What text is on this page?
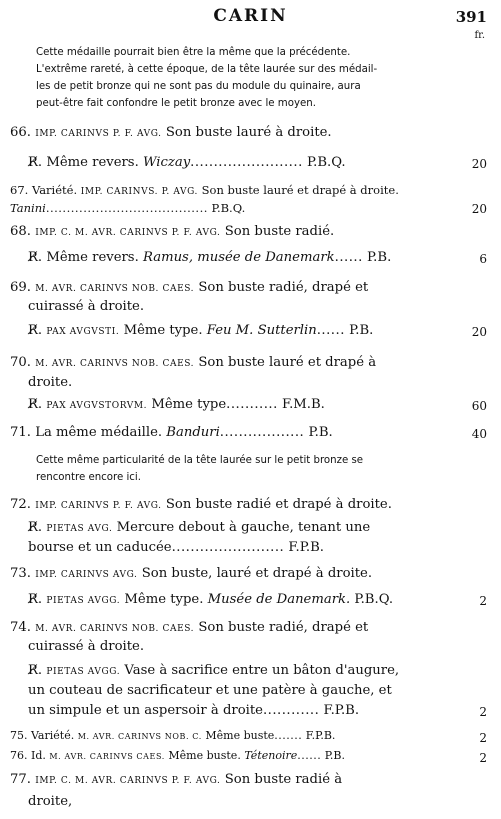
CARIN	391
fr.
Cette médaille pourrait bien être la même que la précédente.
L'extrême rareté, à cette époque, de la tête laurée sur des médail-
les de petit bronze qui ne sont pas du module du quinaire, aura
peut-être fait confondre le petit bronze avec le moyen.
66. IMP. CARINVS P. F. AVG. Son buste lauré à droite.
R̸. Même revers. Wiczay........................ P.B.Q.	20
67. Variété. IMP. CARINVS. P. AVG. Son buste lauré et drapé à droite.
Tanini....................................... P.B.Q.	20
68. IMP. C. M. AVR. CARINVS P. F. AVG. Son buste radié.
R̸. Même revers. Ramus, musée de Danemark...... P.B.	6
69. M. AVR. CARINVS NOB. CAES. Son buste radié, drapé et
cuirassé à droite.
R̸. PAX AVGVSTI. Même type. Feu M. Sutterlin...... P.B.	20
70. M. AVR. CARINVS NOB. CAES. Son buste lauré et drapé à
droite.
R̸. PAX AVGVSTORVM. Même type........... F.M.B.	60
71. La même médaille. Banduri.................. P.B.	40
Cette même particularité de la tête laurée sur le petit bronze se
rencontre encore ici.
72. IMP. CARINVS P. F. AVG. Son buste radié et drapé à droite.
R̸. PIETAS AVG. Mercure debout à gauche, tenant une
bourse et un caducée........................ F.P.B.
73. IMP. CARINVS AVG. Son buste, lauré et drapé à droite.
R̸. PIETAS AVGG. Même type. Musée de Danemark. P.B.Q.	2
74. M. AVR. CARINVS NOB. CAES. Son buste radié, drapé et
cuirassé à droite.
R̸. PIETAS AVGG. Vase à sacrifice entre un bâton d'augure,
un couteau de sacrificateur et une patère à gauche, et
un simpule et un aspersoir à droite............ F.P.B.	2
75. Variété. M. AVR. CARINVS NOB. C. Même buste....... F.P.B.	2
76. Id. M. AVR. CARINVS CAES. Même buste. Tétenoire...... P.B.	2
77. IMP. C. M. AVR. CARINVS P. F. AVG. Son buste radié à
droite,
